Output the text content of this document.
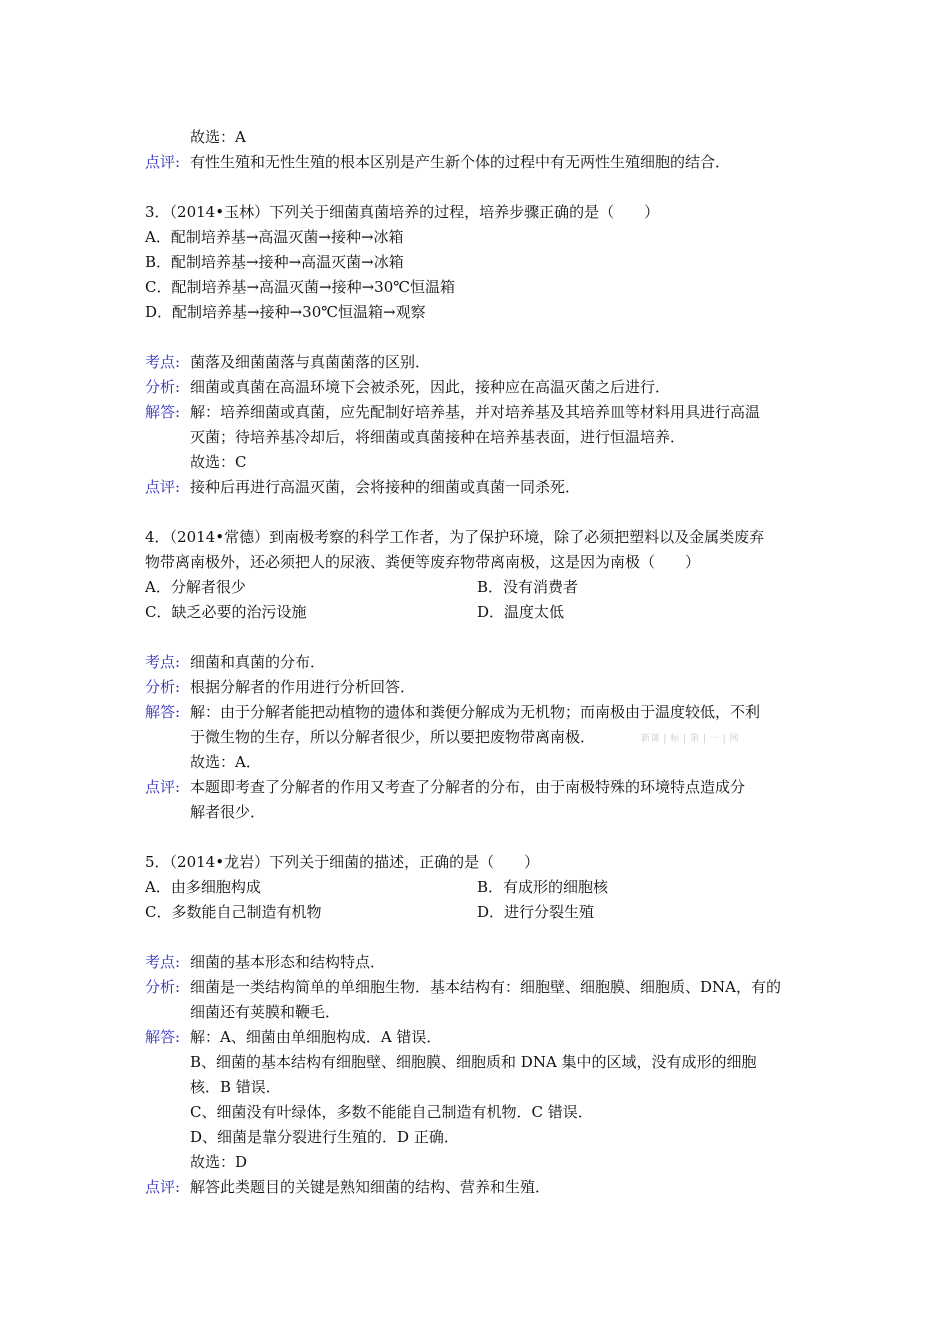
故选：A
点评: 有性生殖和无性生殖的根本区别是产生新个体的过程中有无两性生殖细胞的结合．
3．（2014•玉林）下列关于细菌真菌培养的过程，培养步骤正确的是（　　）
A．配制培养基→高温灭菌→接种→冰箱
B．配制培养基→接种→高温灭菌→冰箱
C．配制培养基→高温灭菌→接种→30℃恒温箱
D．配制培养基→接种→30℃恒温箱→观察
考点: 菌落及细菌菌落与真菌菌落的区别．
分析: 细菌或真菌在高温环境下会被杀死，因此，接种应在高温灭菌之后进行．
解答: 解：培养细菌或真菌，应先配制好培养基，并对培养基及其培养皿等材料用具进行高温
灭菌；待培养基冷却后，将细菌或真菌接种在培养基表面，进行恒温培养．
故选：C
点评: 接种后再进行高温灭菌，会将接种的细菌或真菌一同杀死．
4．（2014•常德）到南极考察的科学工作者，为了保护环境，除了必须把塑料以及金属类废弃
物带离南极外，还必须把人的尿液、粪便等废弃物带离南极，这是因为南极（　　）
A．分解者很少	B．没有消费者
C．缺乏必要的治污设施	D．温度太低
考点: 细菌和真菌的分布．
分析: 根据分解者的作用进行分析回答．
解答: 解：由于分解者能把动植物的遗体和粪便分解成为无机物；而南极由于温度较低，不利
于微生物的生存，所以分解者很少，所以要把废物带离南极．	新课 | 标 | 第 | 一 | 网
故选：A．
点评: 本题即考查了分解者的作用又考查了分解者的分布，由于南极特殊的环境特点造成分
解者很少．
5．（2014•龙岩）下列关于细菌的描述，正确的是（　　）
A．由多细胞构成	B．有成形的细胞核
C．多数能自己制造有机物	D．进行分裂生殖
考点: 细菌的基本形态和结构特点．
分析: 细菌是一类结构简单的单细胞生物．基本结构有：细胞壁、细胞膜、细胞质、DNA，有的
细菌还有荚膜和鞭毛．
解答: 解：A、细菌由单细胞构成．A 错误．
B、细菌的基本结构有细胞壁、细胞膜、细胞质和 DNA 集中的区域，没有成形的细胞
核．B 错误．
C、细菌没有叶绿体，多数不能能自己制造有机物．C 错误．
D、细菌是靠分裂进行生殖的．D 正确．
故选：D
点评: 解答此类题目的关键是熟知细菌的结构、营养和生殖．
